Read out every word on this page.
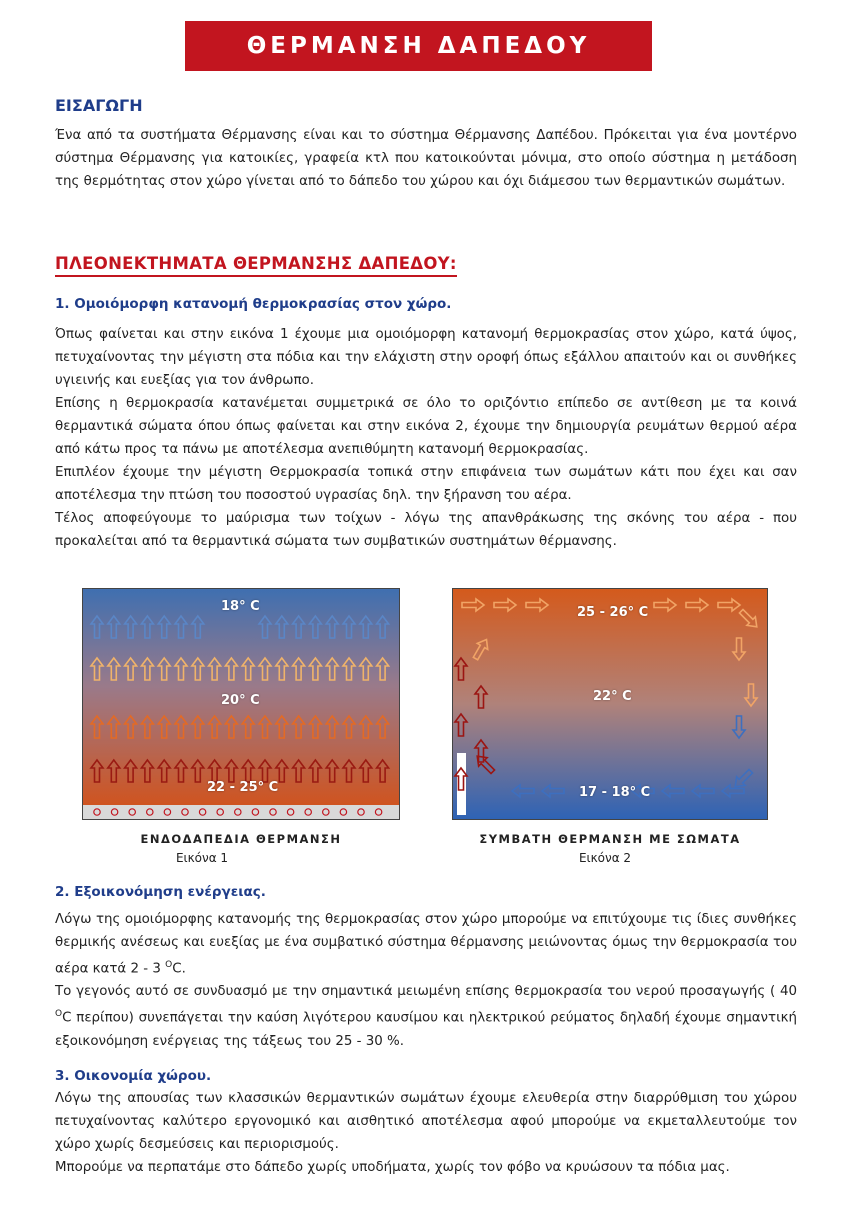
ΘΕΡΜΑΝΣΗ ΔΑΠΕΔΟΥ
ΕΙΣΑΓΩΓΗ

Ένα από τα συστήματα Θέρμανσης είναι και το σύστημα Θέρμανσης Δαπέδου. Πρόκειται για ένα μοντέρνο σύστημα Θέρμανσης για κατοικίες, γραφεία κτλ που κατοικούνται μόνιμα, στο οποίο σύστημα η μετάδοση της θερμότητας στον χώρο γίνεται από το δάπεδο του χώρου και όχι διάμεσου των θερμαντικών σωμάτων.

ΠΛΕΟΝΕΚΤΗΜΑΤΑ ΘΕΡΜΑΝΣΗΣ ΔΑΠΕΔΟΥ:
1. Ομοιόμορφη κατανομή θερμοκρασίας στον χώρο.

Όπως φαίνεται και στην εικόνα 1 έχουμε μια ομοιόμορφη κατανομή θερμοκρασίας στον χώρο, κατά ύψος, πετυχαίνοντας την μέγιστη στα πόδια και την ελάχιστη στην οροφή όπως εξάλλου απαιτούν και οι συνθήκες υγιεινής και ευεξίας για τον άνθρωπο.

Επίσης η θερμοκρασία κατανέμεται συμμετρικά σε όλο το οριζόντιο επίπεδο σε αντίθεση με τα κοινά θερμαντικά σώματα όπου όπως φαίνεται και στην εικόνα 2, έχουμε την δημιουργία ρευμάτων θερμού αέρα από κάτω προς τα πάνω με αποτέλεσμα ανεπιθύμητη κατανομή θερμοκρασίας.

Επιπλέον έχουμε την μέγιστη Θερμοκρασία τοπικά στην επιφάνεια των σωμάτων κάτι που έχει και σαν αποτέλεσμα την πτώση του ποσοστού υγρασίας δηλ. την ξήρανση του αέρα.

Τέλος αποφεύγουμε το μαύρισμα των τοίχων - λόγω της απανθράκωσης της σκόνης του αέρα - που προκαλείται από τα θερμαντικά σώματα των συμβατικών συστημάτων θέρμανσης.

18° C
20° C
22 - 25° C
ΕΝΔΟΔΑΠΕΔΙΑ ΘΕΡΜΑΝΣΗ
Εικόνα 1
25 - 26° C
22° C
17 - 18° C
ΣΥΜΒΑΤΗ ΘΕΡΜΑΝΣΗ ΜΕ ΣΩΜΑΤΑ
Εικόνα 2
2. Εξοικονόμηση ενέργειας.

Λόγω της ομοιόμορφης κατανομής της θερμοκρασίας στον χώρο μπορούμε να επιτύχουμε τις ίδιες συνθήκες θερμικής ανέσεως και ευεξίας με ένα συμβατικό σύστημα θέρμανσης μειώνοντας όμως την θερμοκρασία του αέρα κατά 2 - 3 $^O$C.

Το γεγονός αυτό σε συνδυασμό με την σημαντικά μειωμένη επίσης θερμοκρασία του νερού προσαγωγής ( 40 $^O$C περίπου) συνεπάγεται την καύση λιγότερου καυσίμου και ηλεκτρικού ρεύματος δηλαδή έχουμε σημαντική εξοικονόμηση ενέργειας της τάξεως του 25 - 30 %.

3. Οικονομία χώρου.

Λόγω της απουσίας των κλασσικών θερμαντικών σωμάτων έχουμε ελευθερία στην διαρρύθμιση του χώρου πετυχαίνοντας καλύτερο εργονομικό και αισθητικό αποτέλεσμα αφού μπορούμε να εκμεταλλευτούμε τον χώρο χωρίς δεσμεύσεις και περιορισμούς.

Μπορούμε να περπατάμε στο δάπεδο χωρίς υποδήματα, χωρίς τον φόβο να κρυώσουν τα πόδια μας.
